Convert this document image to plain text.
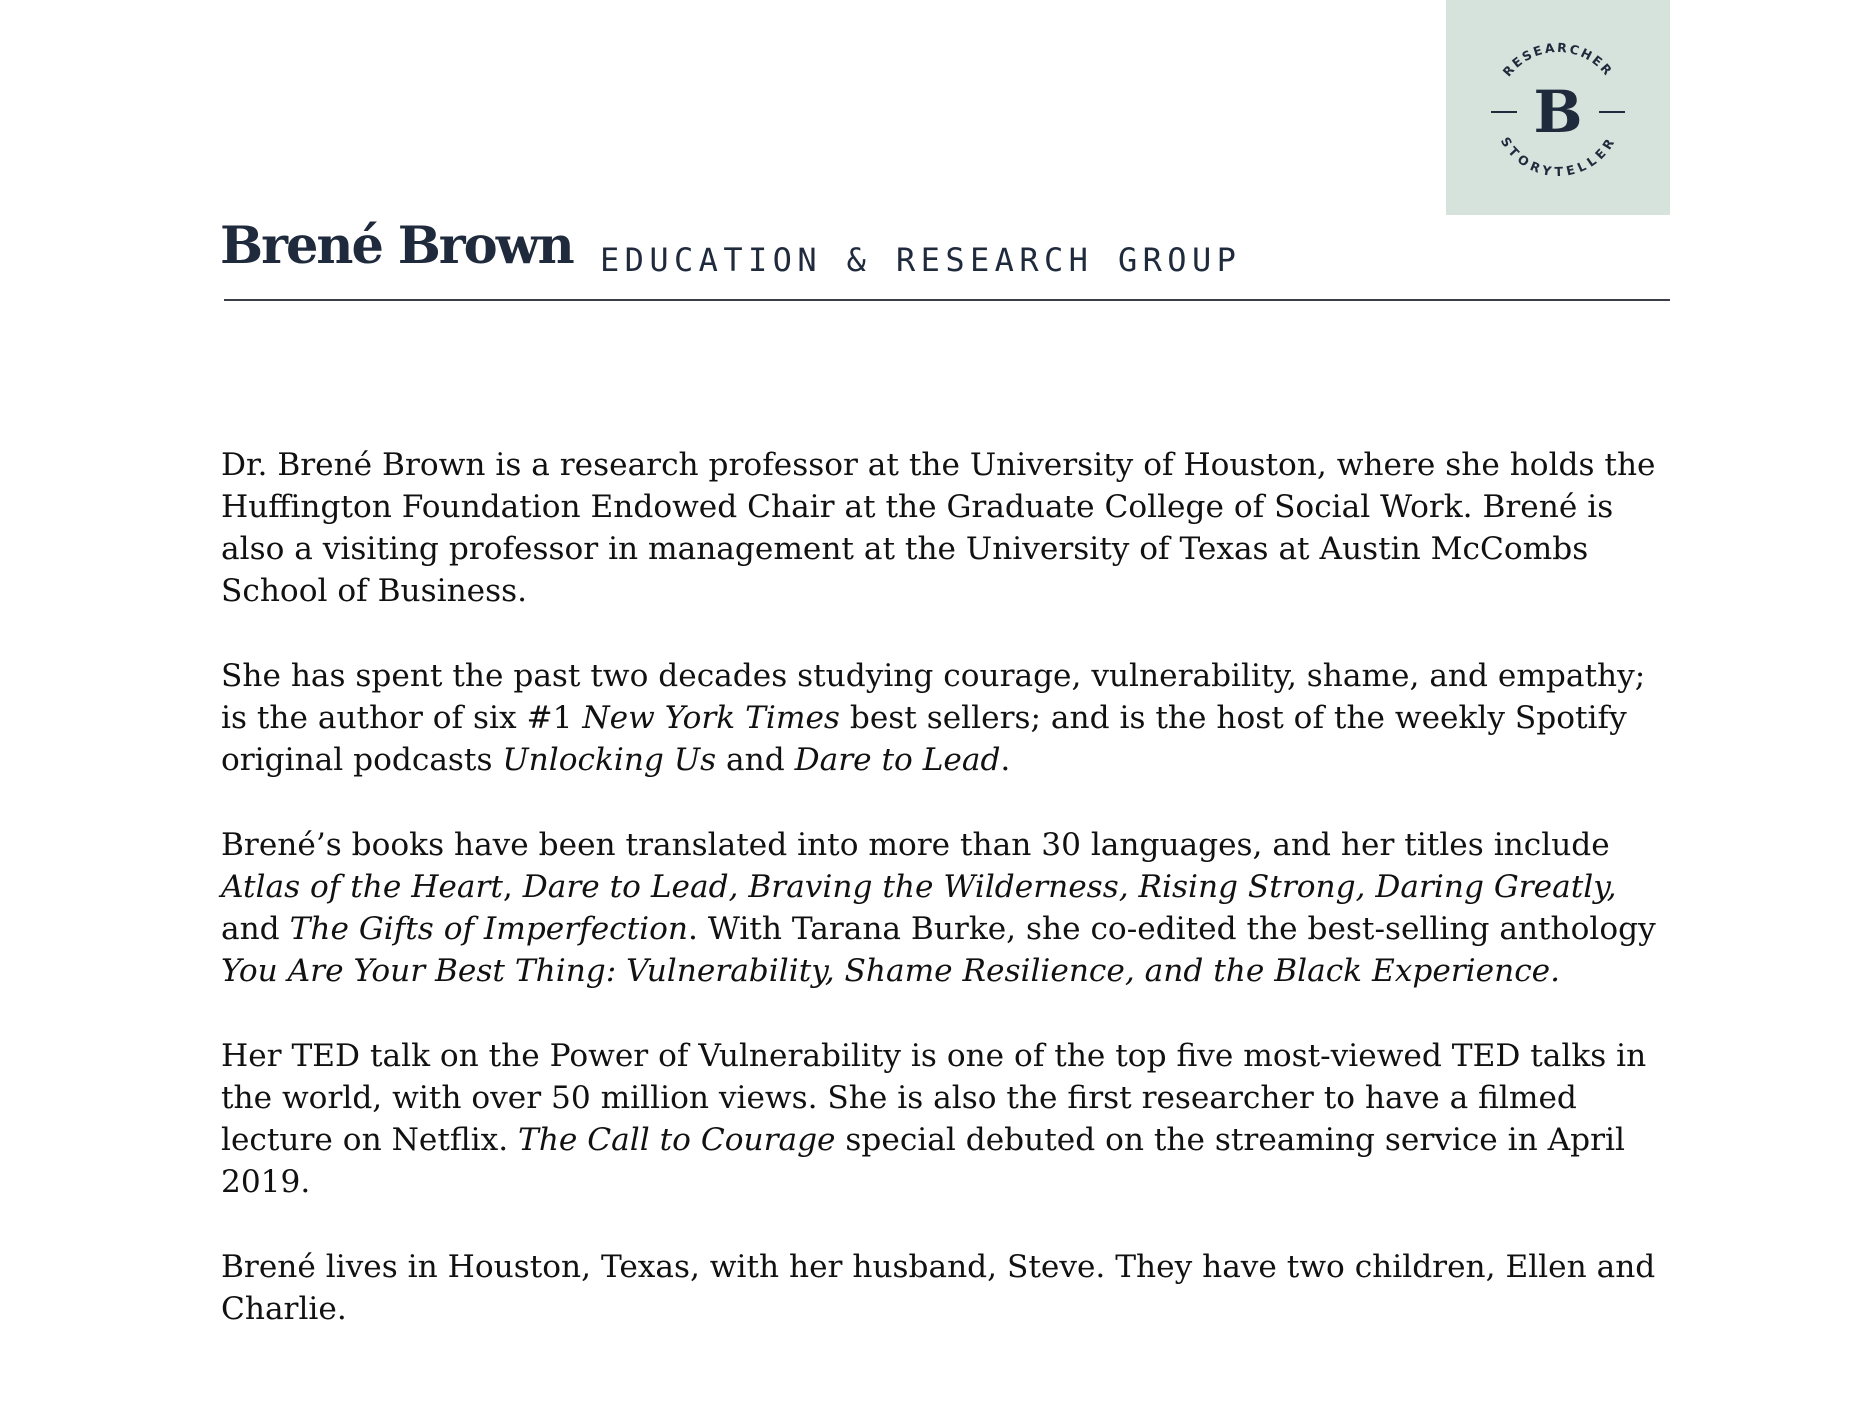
RESEARCHER
STORYTELLER
B
Brené Brown EDUCATION & RESEARCH GROUP

Dr. Brené Brown is a research professor at the University of Houston, where she holds the Huffington Foundation Endowed Chair at the Graduate College of Social Work. Brené is also a visiting professor in management at the University of Texas at Austin McCombs School of Business.

She has spent the past two decades studying courage, vulnerability, shame, and empathy; is the author of six #1 New York Times best sellers; and is the host of the weekly Spotify original podcasts Unlocking Us and Dare to Lead.

Brené’s books have been translated into more than 30 languages, and her titles include Atlas of the Heart, Dare to Lead, Braving the Wilderness, Rising Strong, Daring Greatly, and The Gifts of Imperfection. With Tarana Burke, she co-edited the best-selling anthology You Are Your Best Thing: Vulnerability, Shame Resilience, and the Black Experience.

Her TED talk on the Power of Vulnerability is one of the top five most-viewed TED talks in the world, with over 50 million views. She is also the first researcher to have a filmed lecture on Netflix. The Call to Courage special debuted on the streaming service in April 2019.

Brené lives in Houston, Texas, with her husband, Steve. They have two children, Ellen and Charlie.
